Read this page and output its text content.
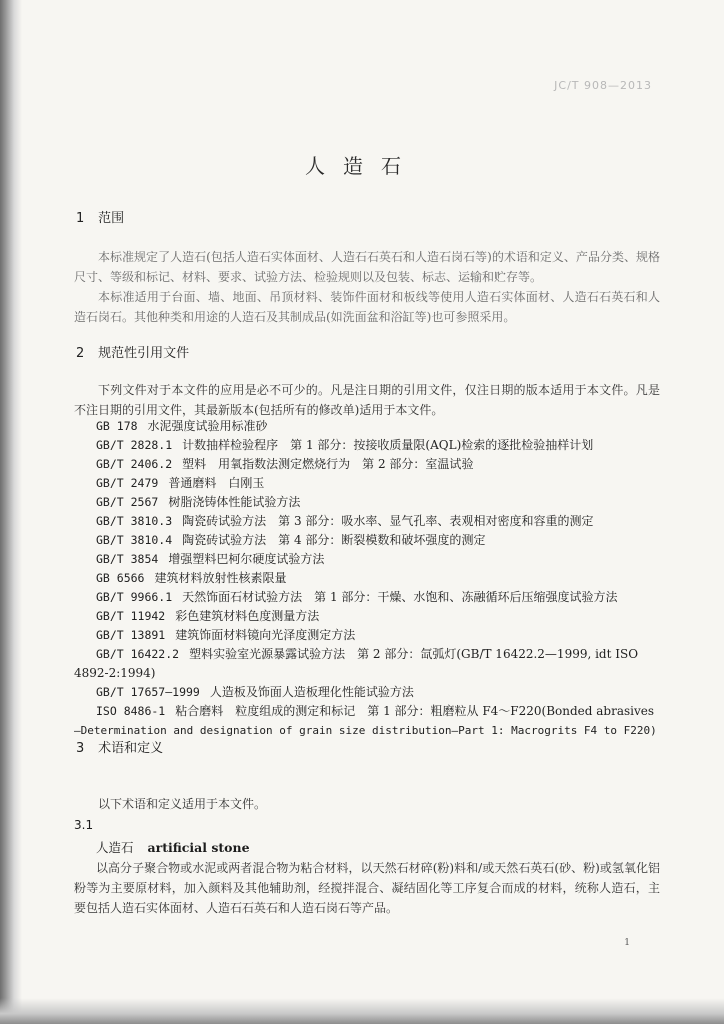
JC/T 908—2013
人造石
1 范围
本标准规定了人造石(包括人造石实体面材、人造石石英石和人造石岗石等)的术语和定义、产品分类、规格尺寸、等级和标记、材料、要求、试验方法、检验规则以及包装、标志、运输和贮存等。
本标准适用于台面、墙、地面、吊顶材料、装饰件面材和板线等使用人造石实体面材、人造石石英石和人造石岗石。其他种类和用途的人造石及其制成品(如洗面盆和浴缸等)也可参照采用。
2 规范性引用文件
下列文件对于本文件的应用是必不可少的。凡是注日期的引用文件，仅注日期的版本适用于本文件。凡是不注日期的引用文件，其最新版本(包括所有的修改单)适用于本文件。
GB 178 水泥强度试验用标准砂
GB/T 2828.1 计数抽样检验程序　第 1 部分：按接收质量限(AQL)检索的逐批检验抽样计划
GB/T 2406.2 塑料　用氧指数法测定燃烧行为　第 2 部分：室温试验
GB/T 2479 普通磨料　白刚玉
GB/T 2567 树脂浇铸体性能试验方法
GB/T 3810.3 陶瓷砖试验方法　第 3 部分：吸水率、显气孔率、表观相对密度和容重的测定
GB/T 3810.4 陶瓷砖试验方法　第 4 部分：断裂模数和破坏强度的测定
GB/T 3854 增强塑料巴柯尔硬度试验方法
GB 6566 建筑材料放射性核素限量
GB/T 9966.1 天然饰面石材试验方法　第 1 部分：干燥、水饱和、冻融循环后压缩强度试验方法
GB/T 11942 彩色建筑材料色度测量方法
GB/T 13891 建筑饰面材料镜向光泽度测定方法
GB/T 16422.2 塑料实验室光源暴露试验方法　第 2 部分：氙弧灯(GB/T 16422.2—1999, idt ISO
4892-2:1994)
GB/T 17657—1999 人造板及饰面人造板理化性能试验方法
ISO 8486-1 粘合磨料　粒度组成的测定和标记　第 1 部分：粗磨粒从 F4～F220(Bonded abrasives
—Determination and designation of grain size distribution—Part 1: Macrogrits F4 to F220)
3 术语和定义
以下术语和定义适用于本文件。
3.1
人造石 artificial stone
以高分子聚合物或水泥或两者混合物为粘合材料，以天然石材碎(粉)料和/或天然石英石(砂、粉)或氢氧化铝粉等为主要原材料，加入颜料及其他辅助剂，经搅拌混合、凝结固化等工序复合而成的材料，统称人造石，主要包括人造石实体面材、人造石石英石和人造石岗石等产品。
1
